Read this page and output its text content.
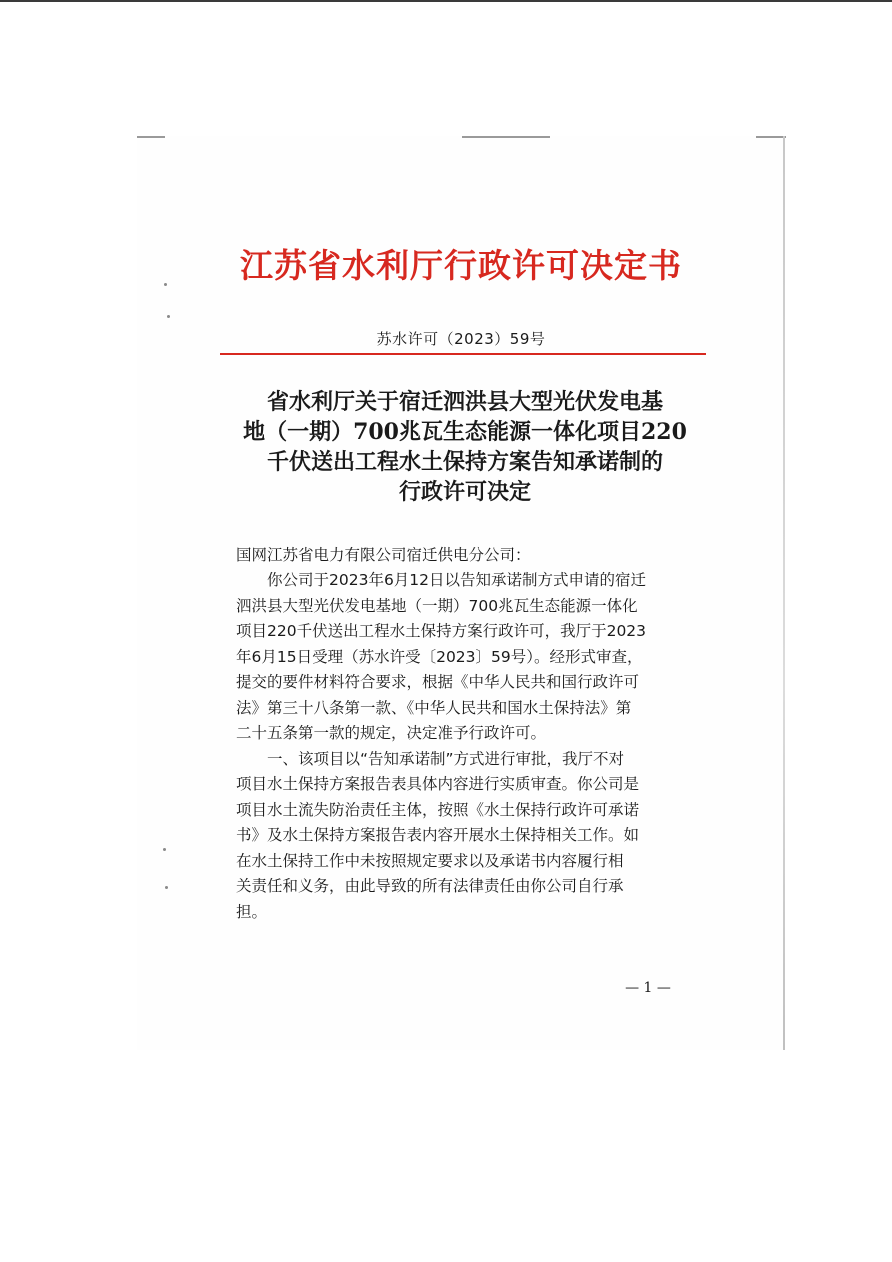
江苏省水利厅行政许可决定书
苏水许可（2023）59号
省水利厅关于宿迁泗洪县大型光伏发电基
地（一期）700兆瓦生态能源一体化项目220
千伏送出工程水土保持方案告知承诺制的
行政许可决定
国网江苏省电力有限公司宿迁供电分公司：
你公司于2023年6月12日以告知承诺制方式申请的宿迁
泗洪县大型光伏发电基地（一期）700兆瓦生态能源一体化
项目220千伏送出工程水土保持方案行政许可，我厅于2023
年6月15日受理（苏水许受〔2023〕59号）。经形式审查，
提交的要件材料符合要求，根据《中华人民共和国行政许可
法》第三十八条第一款、《中华人民共和国水土保持法》第
二十五条第一款的规定，决定准予行政许可。
一、该项目以“告知承诺制”方式进行审批，我厅不对
项目水土保持方案报告表具体内容进行实质审查。你公司是
项目水土流失防治责任主体，按照《水土保持行政许可承诺
书》及水土保持方案报告表内容开展水土保持相关工作。如
在水土保持工作中未按照规定要求以及承诺书内容履行相
关责任和义务，由此导致的所有法律责任由你公司自行承
担。
— 1 —
